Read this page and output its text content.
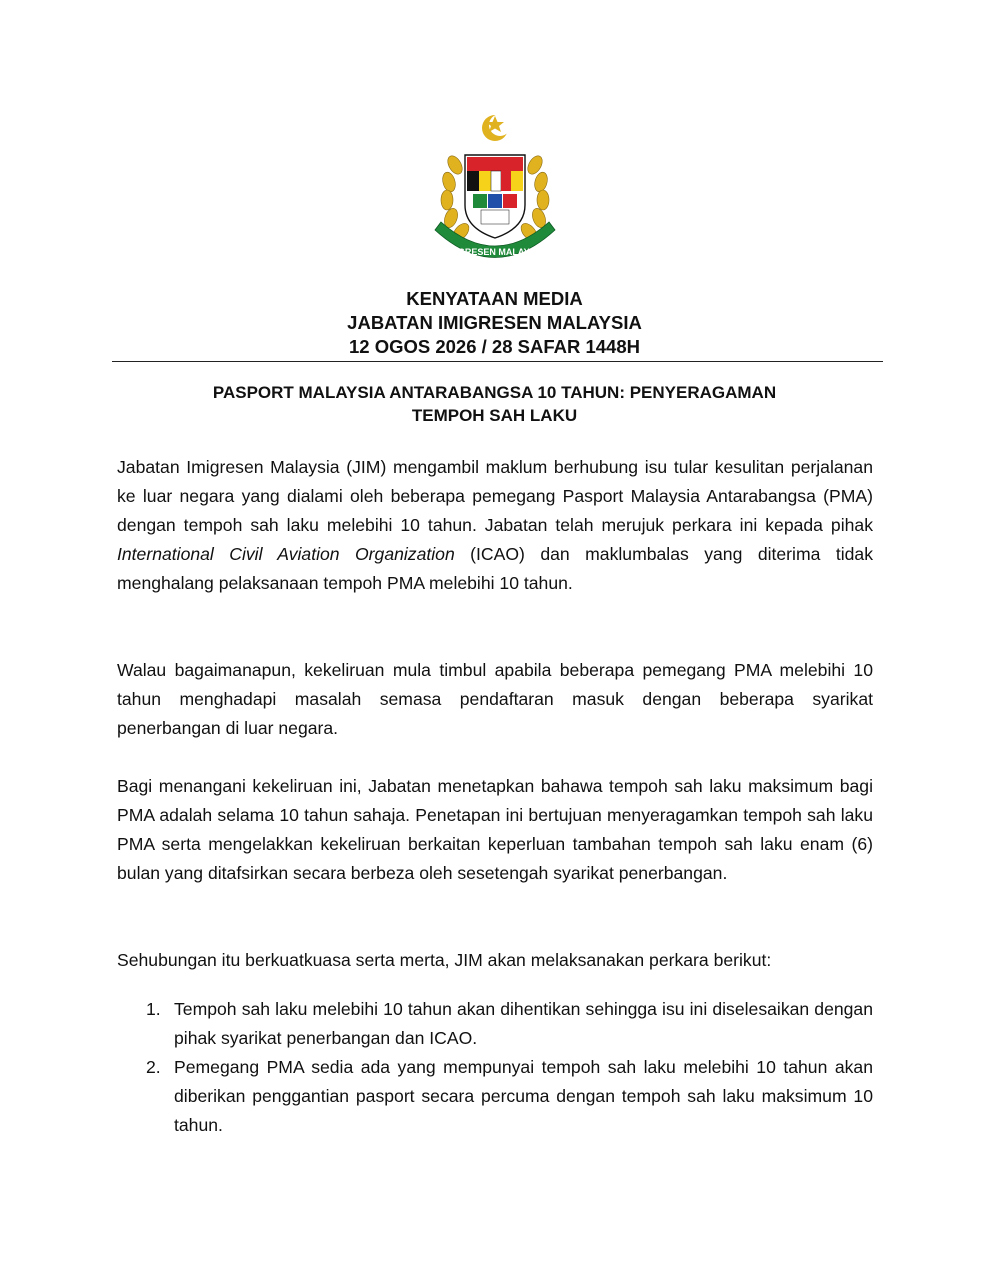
IMIGRESEN MALAYSIA
KENYATAAN MEDIA
JABATAN IMIGRESEN MALAYSIA
12 OGOS 2026 / 28 SAFAR 1448H
PASPORT MALAYSIA ANTARABANGSA 10 TAHUN: PENYERAGAMAN
TEMPOH SAH LAKU

Jabatan Imigresen Malaysia (JIM) mengambil maklum berhubung isu tular kesulitan perjalanan ke luar negara yang dialami oleh beberapa pemegang Pasport Malaysia Antarabangsa (PMA) dengan tempoh sah laku melebihi 10 tahun. Jabatan telah merujuk perkara ini kepada pihak International Civil Aviation Organization (ICAO) dan maklumbalas yang diterima tidak menghalang pelaksanaan tempoh PMA melebihi 10 tahun.

Walau bagaimanapun, kekeliruan mula timbul apabila beberapa pemegang PMA melebihi 10 tahun menghadapi masalah semasa pendaftaran masuk dengan beberapa syarikat penerbangan di luar negara.

Bagi menangani kekeliruan ini, Jabatan menetapkan bahawa tempoh sah laku maksimum bagi PMA adalah selama 10 tahun sahaja. Penetapan ini bertujuan menyeragamkan tempoh sah laku PMA serta mengelakkan kekeliruan berkaitan keperluan tambahan tempoh sah laku enam (6) bulan yang ditafsirkan secara berbeza oleh sesetengah syarikat penerbangan.

Sehubungan itu berkuatkuasa serta merta, JIM akan melaksanakan perkara berikut:

1. Tempoh sah laku melebihi 10 tahun akan dihentikan sehingga isu ini diselesaikan dengan pihak syarikat penerbangan dan ICAO.
2. Pemegang PMA sedia ada yang mempunyai tempoh sah laku melebihi 10 tahun akan diberikan penggantian pasport secara percuma dengan tempoh sah laku maksimum 10 tahun.
